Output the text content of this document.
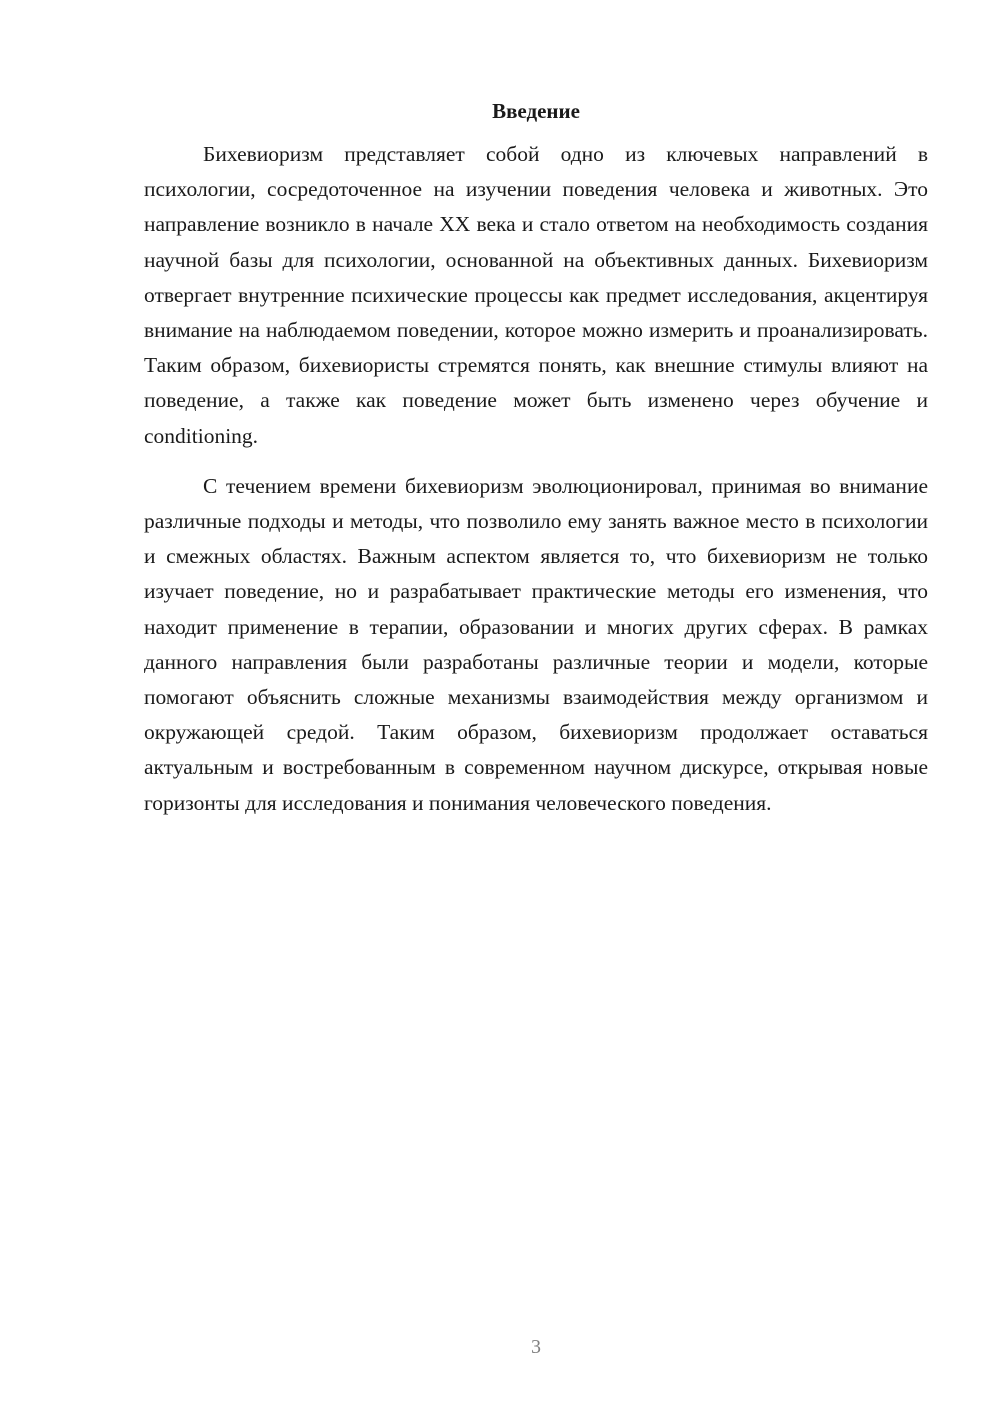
Введение

Бихевиоризм представляет собой одно из ключевых направлений в психологии, сосредоточенное на изучении поведения человека и животных. Это направление возникло в начале XX века и стало ответом на необходимость создания научной базы для психологии, основанной на объективных данных. Бихевиоризм отвергает внутренние психические процессы как предмет исследования, акцентируя внимание на наблюдаемом поведении, которое можно измерить и проанализировать. Таким образом, бихевиористы стремятся понять, как внешние стимулы влияют на поведение, а также как поведение может быть изменено через обучение и conditioning.

С течением времени бихевиоризм эволюционировал, принимая во внимание различные подходы и методы, что позволило ему занять важное место в психологии и смежных областях. Важным аспектом является то, что бихевиоризм не только изучает поведение, но и разрабатывает практические методы его изменения, что находит применение в терапии, образовании и многих других сферах. В рамках данного направления были разработаны различные теории и модели, которые помогают объяснить сложные механизмы взаимодействия между организмом и окружающей средой. Таким образом, бихевиоризм продолжает оставаться актуальным и востребованным в современном научном дискурсе, открывая новые горизонты для исследования и понимания человеческого поведения.

3
